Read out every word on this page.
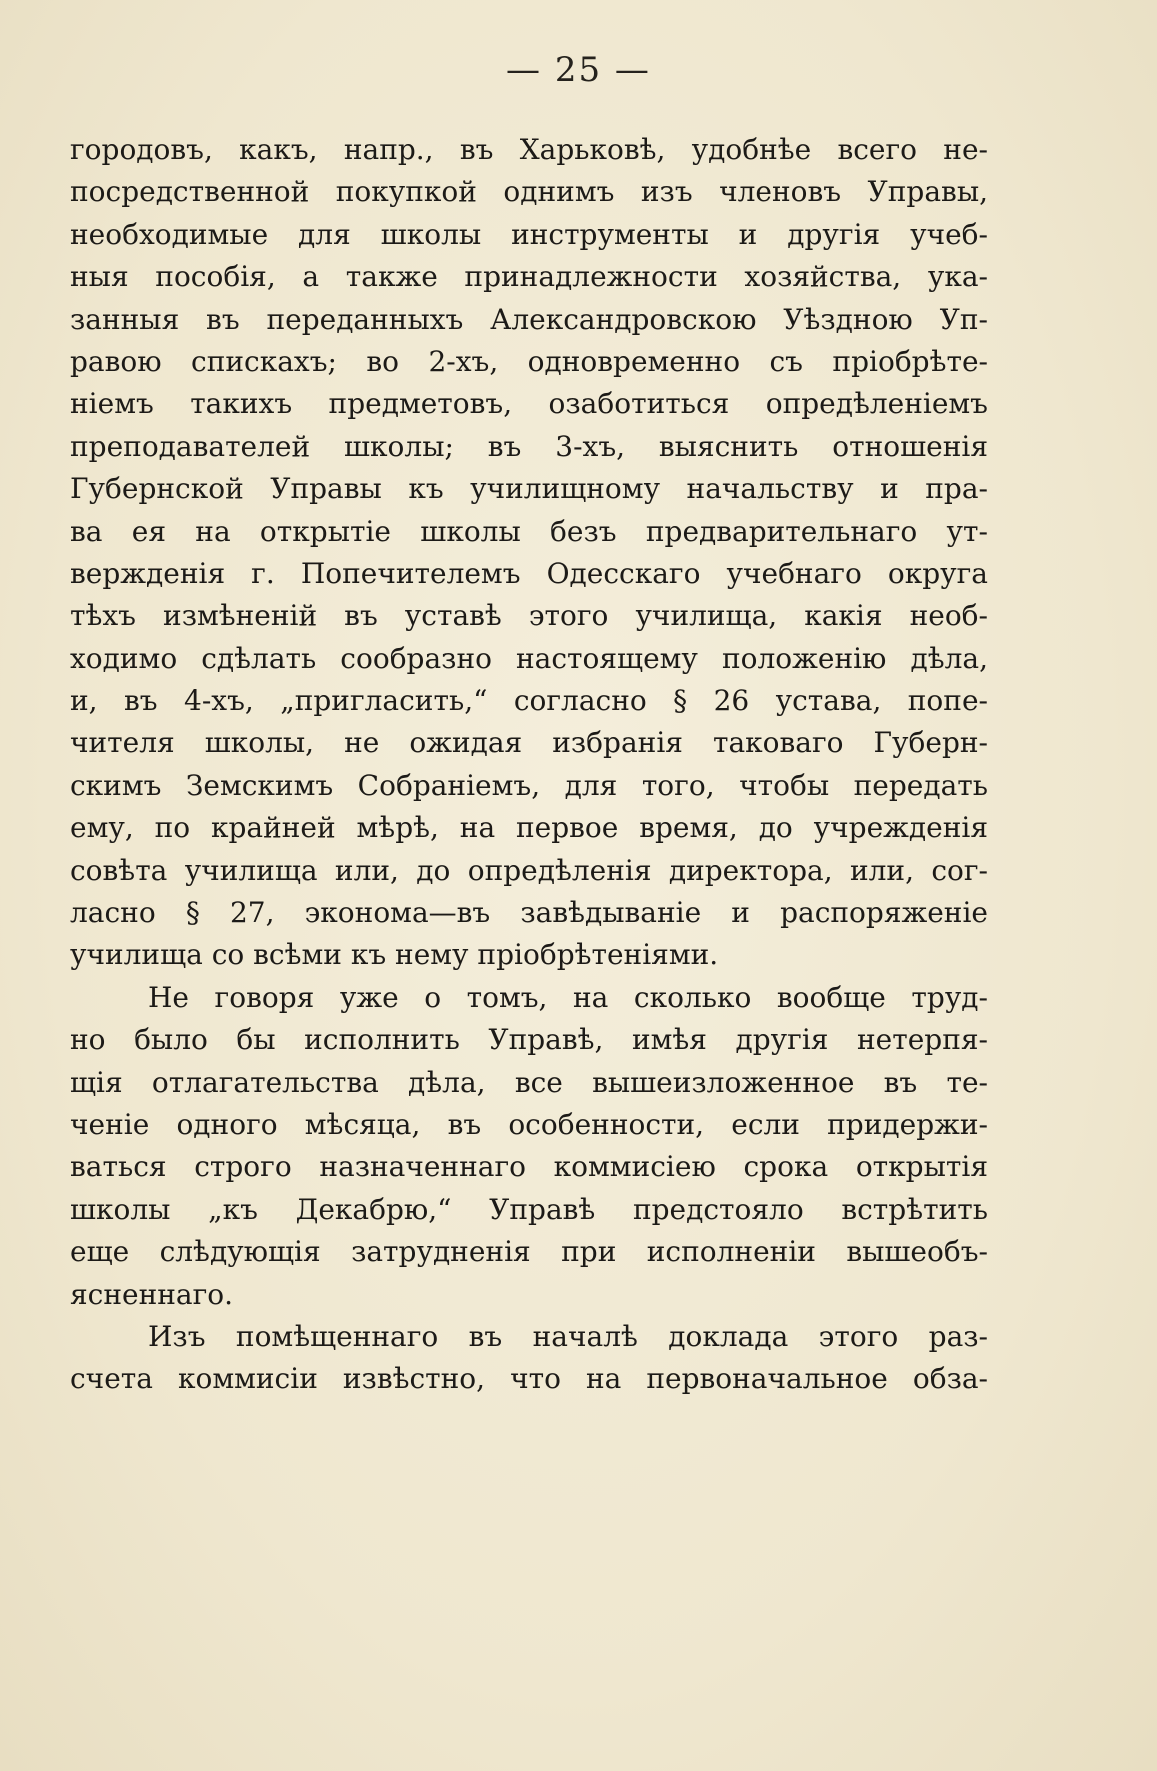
— 25 —
городовъ, какъ, напр., въ Харьковѣ, удобнѣе всего не-
посредственной покупкой однимъ изъ членовъ Управы,
необходимые для школы инструменты и другія учеб-
ныя пособія, а также принадлежности хозяйства, ука-
занныя въ переданныхъ Александровскою Уѣздною Уп-
равою спискахъ; во 2-хъ, одновременно съ пріобрѣте-
ніемъ такихъ предметовъ, озаботиться опредѣленіемъ
преподавателей школы; въ 3-хъ, выяснить отношенія
Губернской Управы къ училищному начальству и пра-
ва ея на открытіе школы безъ предварительнаго ут-
вержденія г. Попечителемъ Одесскаго учебнаго округа
тѣхъ измѣненій въ уставѣ этого училища, какія необ-
ходимо сдѣлать сообразно настоящему положенію дѣла,
и, въ 4-хъ, „пригласить,“ согласно § 26 устава, попе-
чителя школы, не ожидая избранія таковаго Губерн-
скимъ Земскимъ Собраніемъ, для того, чтобы передать
ему, по крайней мѣрѣ, на первое время, до учрежденія
совѣта училища или, до опредѣленія директора, или, сог-
ласно § 27, эконома—въ завѣдываніе и распоряженіе
училища со всѣми къ нему пріобрѣтеніями.
Не говоря уже о томъ, на сколько вообще труд-
но было бы исполнить Управѣ, имѣя другія нетерпя-
щія отлагательства дѣла, все вышеизложенное въ те-
ченіе одного мѣсяца, въ особенности, если придержи-
ваться строго назначеннаго коммисіею срока открытія
школы „къ Декабрю,“ Управѣ предстояло встрѣтить
еще слѣдующія затрудненія при исполненіи вышеобъ-
ясненнаго.
Изъ помѣщеннаго въ началѣ доклада этого раз-
счета коммисіи извѣстно, что на первоначальное обза-
